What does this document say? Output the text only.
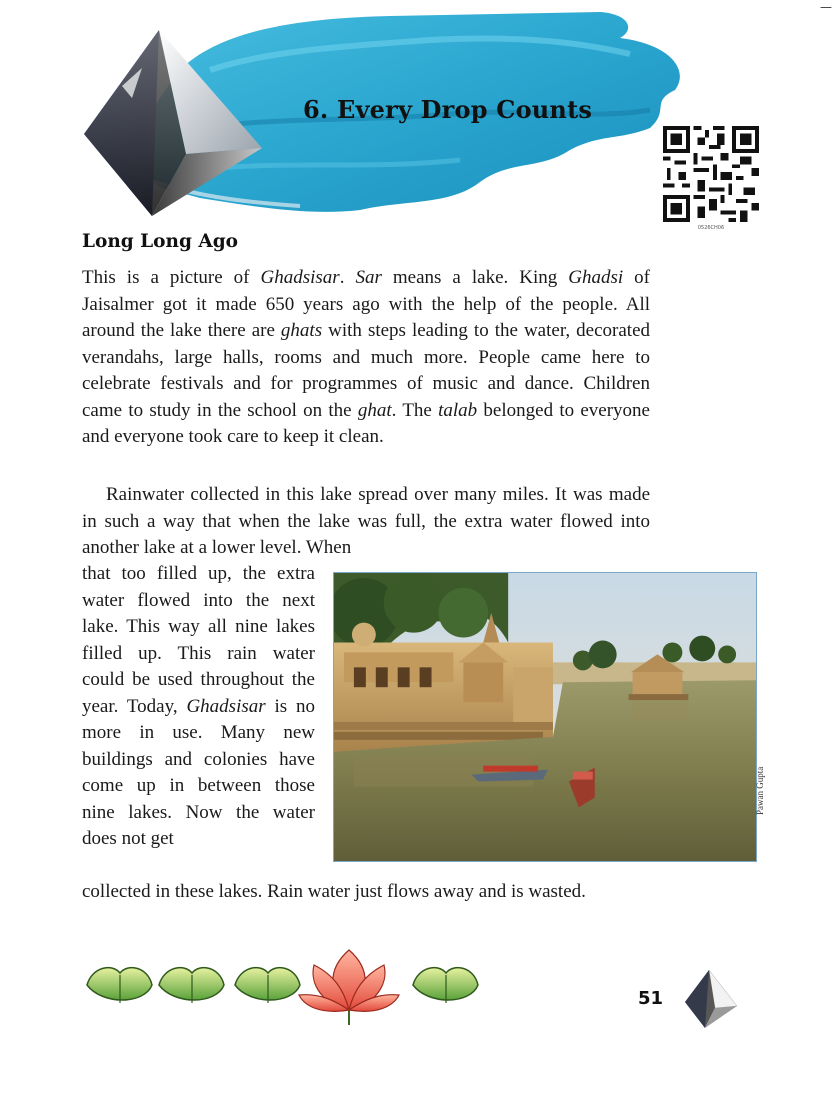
—
6. Every Drop Counts
0526CH06
Long Long Ago

This is a picture of Ghadsisar. Sar means a lake. King Ghadsi of Jaisalmer got it made 650 years ago with the help of the people. All around the lake there are ghats with steps leading to the water, decorated verandahs, large halls, rooms and much more. People came here to celebrate festivals and for programmes of music and dance. Children came to study in the school on the ghat. The talab belonged to everyone and everyone took care to keep it clean.

Rainwater collected in this lake spread over many miles. It was made in such a way that when the lake was full, the extra water flowed into another lake at a lower level. When

that too filled up, the extra water flowed into the next lake. This way all nine lakes filled up. This rain water could be used throughout the year. Today, Ghadsisar is no more in use. Many new buildings and colonies have come up in between those nine lakes. Now the water does not get

Pawan Gupta

collected in these lakes. Rain water just flows away and is wasted.

51
